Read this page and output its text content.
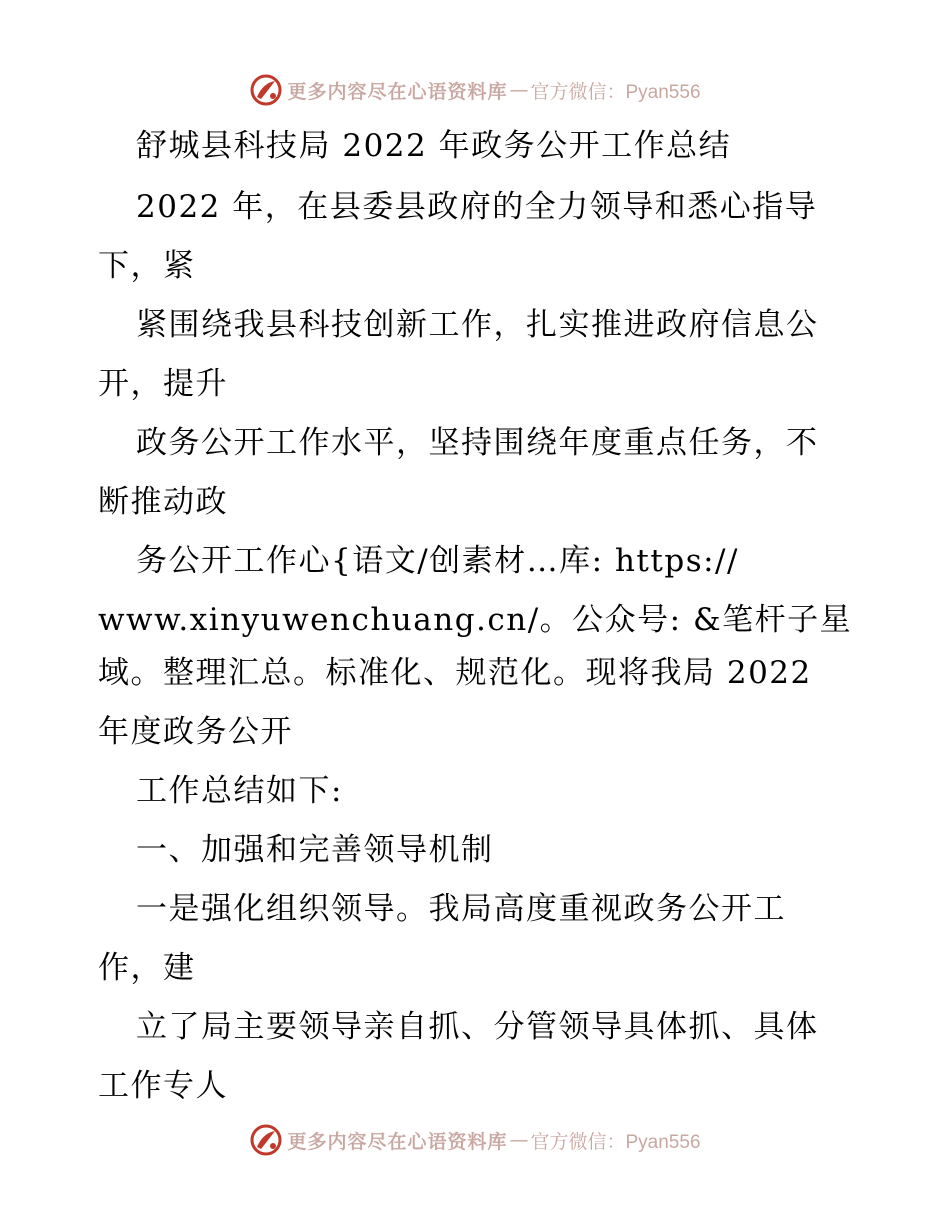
更多内容尽在心语资料库 — 官方微信：Pyan556
舒城县科技局 2022 年政务公开工作总结
2022 年，在县委县政府的全力领导和悉心指导
下，紧
紧围绕我县科技创新工作，扎实推进政府信息公
开，提升
政务公开工作水平，坚持围绕年度重点任务，不
断推动政
务公开工作心{语文/创素材…库: https://
www.xinyuwenchuang.cn/。公众号: &笔杆子星
域。整理汇总。标准化、规范化。现将我局 2022
年度政务公开
工作总结如下:
一、加强和完善领导机制
一是强化组织领导。我局高度重视政务公开工
作，建
立了局主要领导亲自抓、分管领导具体抓、具体
工作专人
更多内容尽在心语资料库 — 官方微信：Pyan556
